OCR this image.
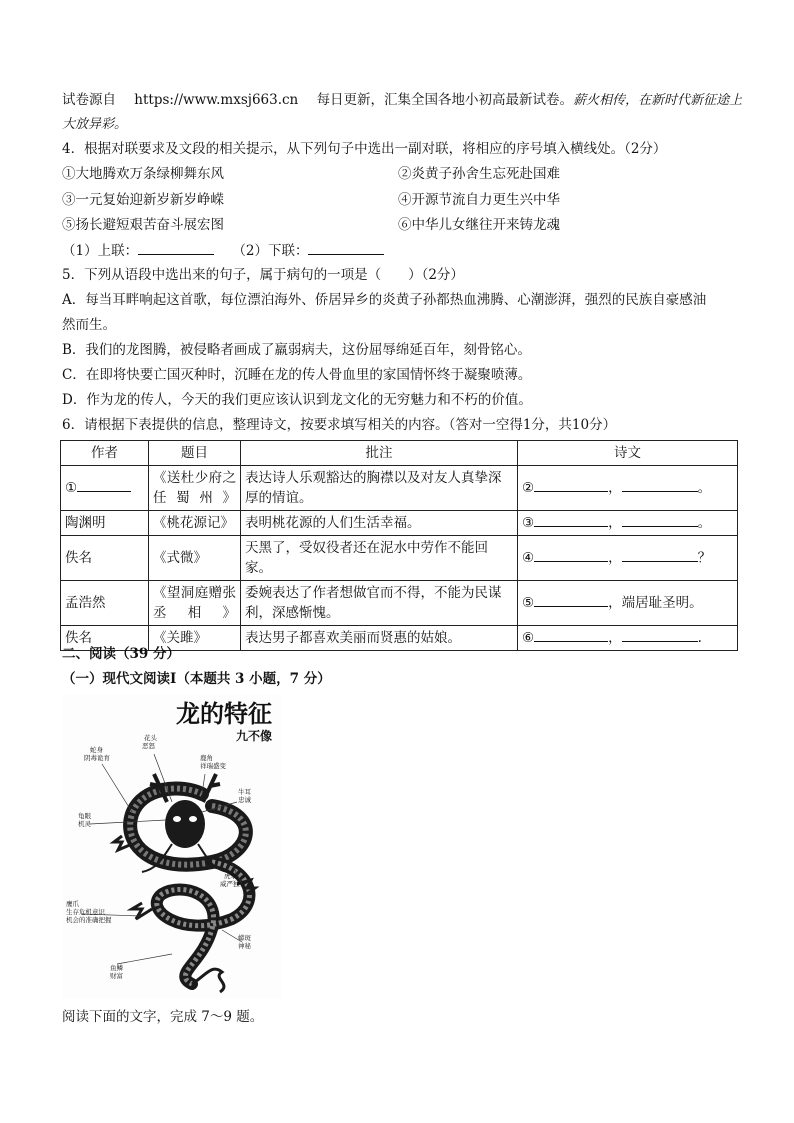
试卷源自 https://www.mxsj663.cn 每日更新，汇集全国各地小初高最新试卷。薪火相传，在新时代新征途上
大放异彩。
4．根据对联要求及文段的相关提示，从下列句子中选出一副对联，将相应的序号填入横线处。（2分）
①大地腾欢万条绿柳舞东风	②炎黄子孙舍生忘死赴国难
③一元复始迎新岁新岁峥嵘	④开源节流自力更生兴中华
⑤扬长避短艰苦奋斗展宏图	⑥中华儿女继往开来铸龙魂
（1）上联：	（2）下联：
5．下列从语段中选出来的句子，属于病句的一项是（　　）（2分）
A．每当耳畔响起这首歌，每位漂泊海外、侨居异乡的炎黄子孙都热血沸腾、心潮澎湃，强烈的民族自豪感油
然而生。
B．我们的龙图腾，被侵略者画成了羸弱病夫，这份屈辱绵延百年，刻骨铭心。
C．在即将快要亡国灭种时，沉睡在龙的传人骨血里的家国情怀终于凝聚喷薄。
D．作为龙的传人，今天的我们更应该认识到龙文化的无穷魅力和不朽的价值。
6．请根据下表提供的信息，整理诗文，按要求填写相关的内容。（答对一空得1分，共10分）
作者	题目	批注	诗文
①	《送杜少府之任蜀州》	表达诗人乐观豁达的胸襟以及对友人真挚深厚的情谊。	② ， 。
陶渊明	《桃花源记》	表明桃花源的人们生活幸福。	③ ， 。
佚名	《式微》	天黑了，受奴役者还在泥水中劳作不能回家。	④ ， ？
孟浩然	《望洞庭赠张丞相》	委婉表达了作者想做官而不得，不能为民谋利，深感惭愧。	⑤ ，端居耻圣明。
佚名	《关雎》	表达男子都喜欢美丽而贤惠的姑娘。	⑥ ， .
二、阅读（39 分）
（一）现代文阅读Ⅰ（本题共 3 小题，7 分）
龙的特征
九不像
花头恶怒
鹿角祥瑞盛变
蛇身阴毒诡育
牛耳忠诚
龟眼机灵
虎掌威严独立
鹰爪生存危机意识机会的准确把握
蟒斑神秘
鱼鳞财富
阅读下面的文字，完成 7～9 题。
